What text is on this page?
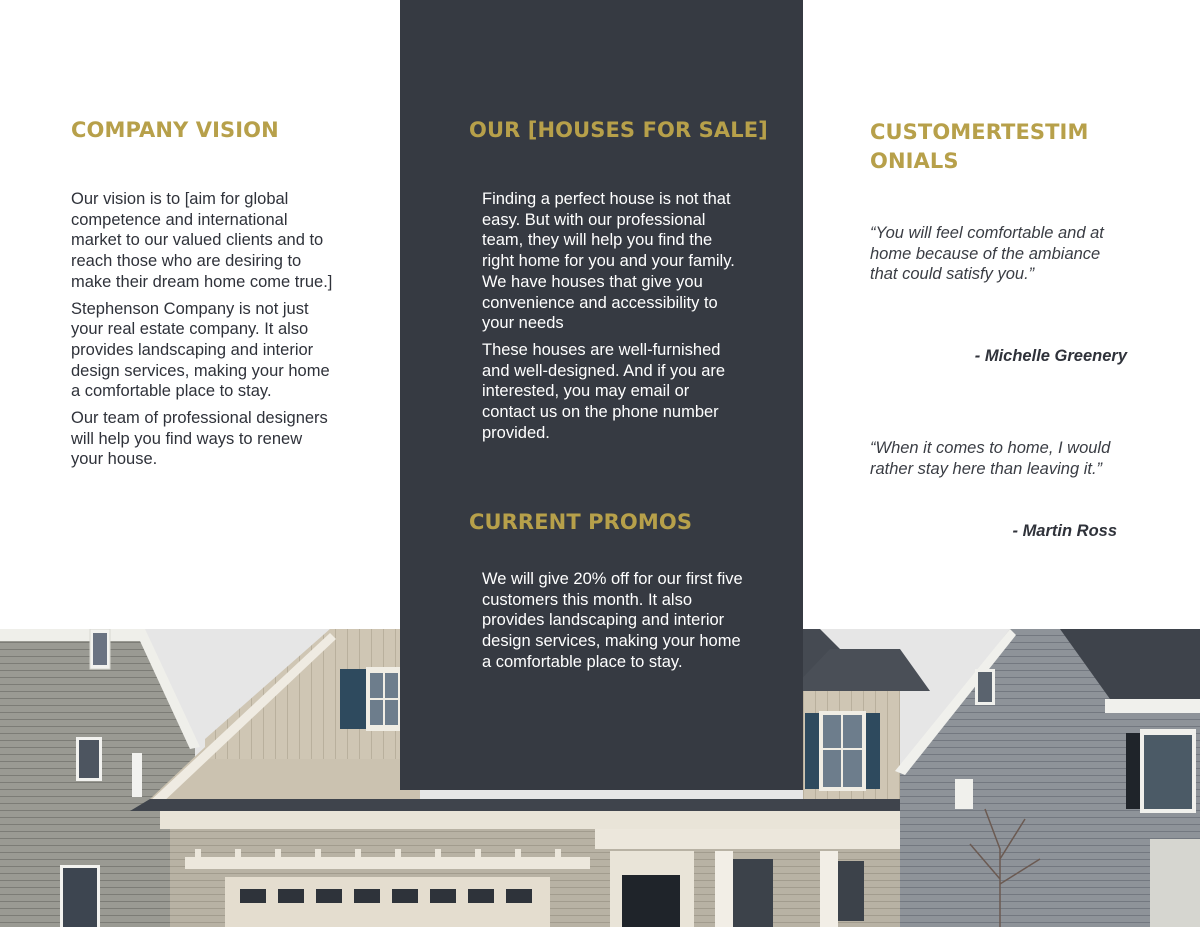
COMPANY VISION

Our vision is to [aim for global competence and international market to our valued clients and to reach those who are desiring to make their dream home come true.]

Stephenson Company is not just your real estate company. It also provides landscaping and interior design services, making your home a comfortable place to stay.

Our team of professional designers will help you find ways to renew your house.

OUR [HOUSES FOR SALE]

Finding a perfect house is not that easy. But with our professional team, they will help you find the right home for you and your family. We have houses that give you convenience and accessibility to your needs

These houses are well-furnished and well-designed. And if you are interested, you may email or contact us on the phone number provided.

CURRENT PROMOS

We will give 20% off for our first five customers this month. It also provides landscaping and interior design services, making your home a comfortable place to stay.

CUSTOMERTESTIM
ONIALS

“You will feel comfortable and at home because of the ambiance that could satisfy you.”

- Michelle Greenery

“When it comes to home, I would rather stay here than leaving it.”

- Martin Ross
